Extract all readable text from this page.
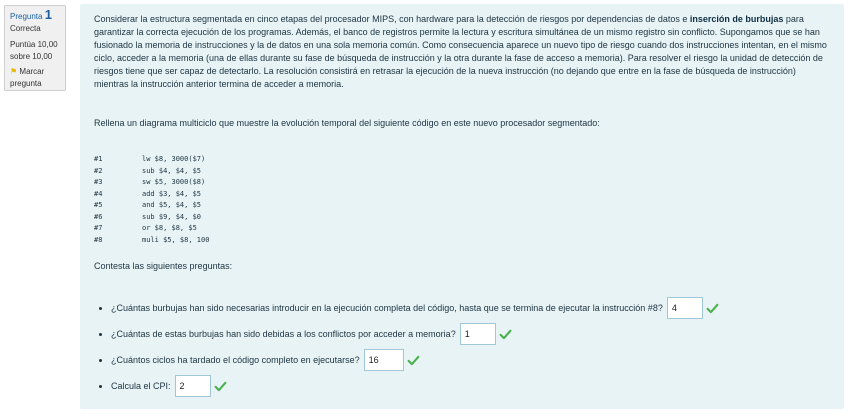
Pregunta 1
Correcta
Puntúa 10,00
sobre 10,00
⚑ Marcar
pregunta

Considerar la estructura segmentada en cinco etapas del procesador MIPS, con hardware para la detección de riesgos por dependencias de datos e inserción de burbujas para garantizar la correcta ejecución de los programas. Además, el banco de registros permite la lectura y escritura simultánea de un mismo registro sin conflicto. Supongamos que se han fusionado la memoria de instrucciones y la de datos en una sola memoria común. Como consecuencia aparece un nuevo tipo de riesgo cuando dos instrucciones intentan, en el mismo ciclo, acceder a la memoria (una de ellas durante su fase de búsqueda de instrucción y la otra durante la fase de acceso a memoria). Para resolver el riesgo la unidad de detección de riesgos tiene que ser capaz de detectarlo. La resolución consistirá en retrasar la ejecución de la nueva instrucción (no dejando que entre en la fase de búsqueda de instrucción) mientras la instrucción anterior termina de acceder a memoria.

Rellena un diagrama multiciclo que muestre la evolución temporal del siguiente código en este nuevo procesador segmentado:

#1	lw $8, 3000($7)
#2	sub $4, $4, $5
#3	sw $5, 3000($8)
#4	add $3, $4, $5
#5	and $5, $4, $5
#6	sub $9, $4, $0
#7	or $8, $8, $5
#8	muli $5, $8, 100

Contesta las siguientes preguntas:

• ¿Cuántas burbujas han sido necesarias introducir en la ejecución completa del código, hasta que se termina de ejecutar la instrucción #8?	4
• ¿Cuántas de estas burbujas han sido debidas a los conflictos por acceder a memoria?	1
• ¿Cuántos ciclos ha tardado el código completo en ejecutarse?	16
• Calcula el CPI:	2
